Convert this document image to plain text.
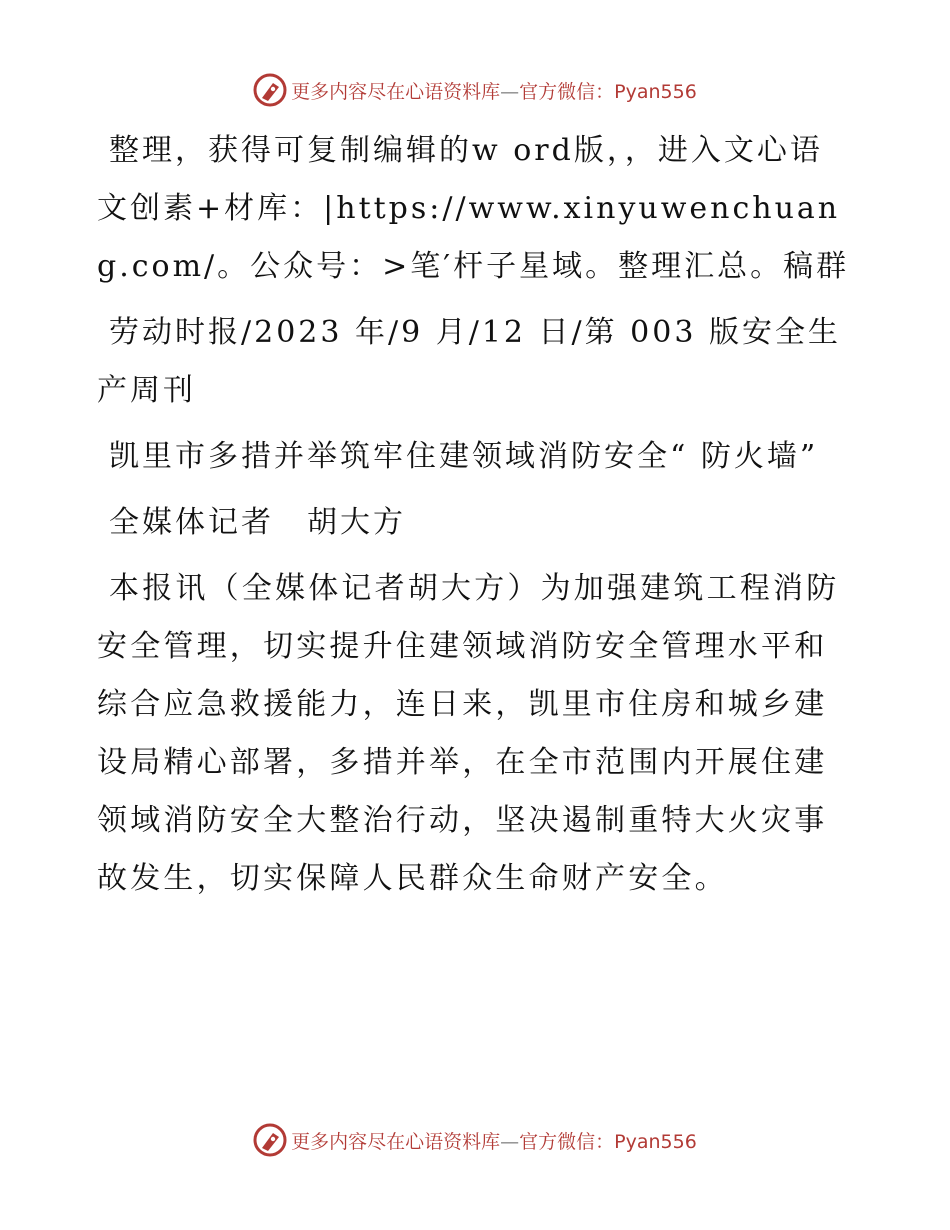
更多内容尽在心语资料库—官方微信：Pyan556

整理，获得可复制编辑的w ord版，，进入文心语文创素+材库：|https://www.xinyuwenchuang.com/。公众号：>笔′杆子星域。整理汇总。稿群

劳动时报/2023 年/9 月/12 日/第 003 版安全生产周刊

凯里市多措并举筑牢住建领域消防安全“ 防火墙”

全媒体记者　胡大方

本报讯（全媒体记者胡大方）为加强建筑工程消防安全管理，切实提升住建领域消防安全管理水平和综合应急救援能力，连日来，凯里市住房和城乡建设局精心部署，多措并举，在全市范围内开展住建领域消防安全大整治行动，坚决遏制重特大火灾事故发生，切实保障人民群众生命财产安全。

更多内容尽在心语资料库—官方微信：Pyan556
